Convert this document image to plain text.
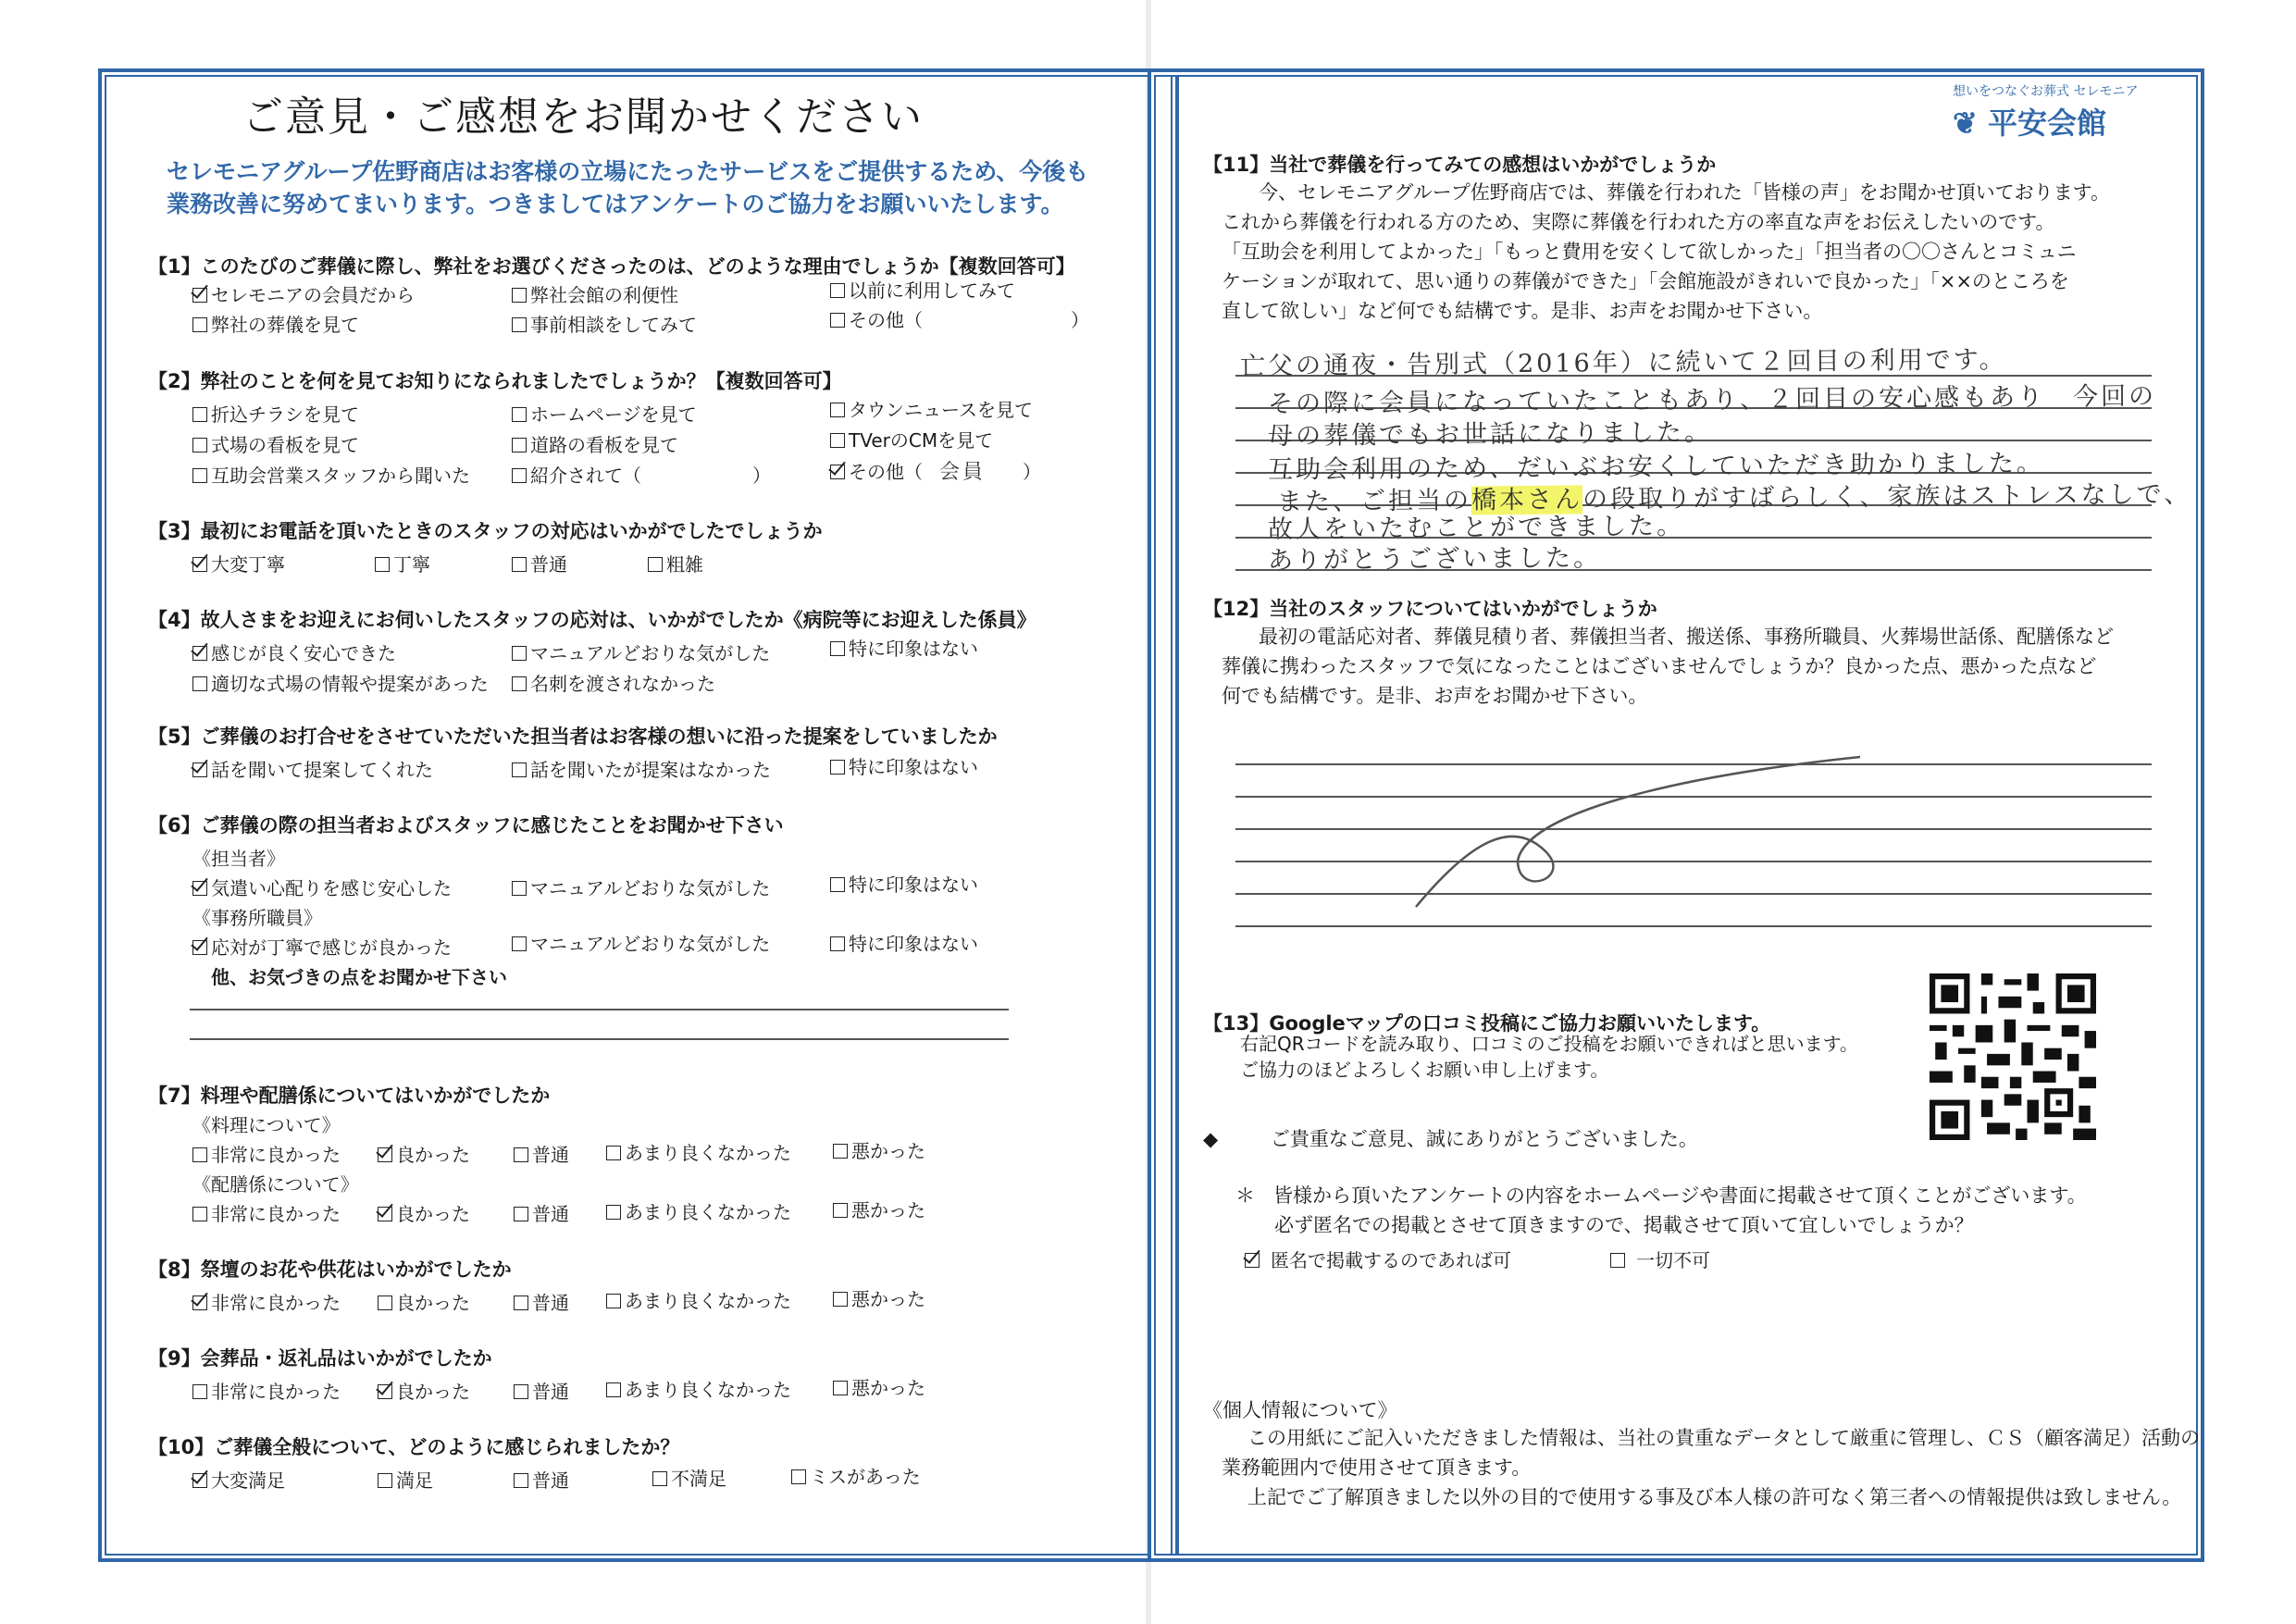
ご意見・ご感想をお聞かせください
セレモニアグループ佐野商店はお客様の立場にたったサービスをご提供するため、今後も
業務改善に努めてまいります。つきましてはアンケートのご協力をお願いいたします。
【1】このたびのご葬儀に際し、弊社をお選びくださったのは、どのような理由でしょうか【複数回答可】
セレモニアの会員だから	弊社会館の利便性	以前に利用してみて
弊社の葬儀を見て	事前相談をしてみて	その他（　　　　　　　　）
【2】弊社のことを何を見てお知りになられましたでしょうか？【複数回答可】
折込チラシを見て	ホームページを見て	タウンニュースを見て
式場の看板を見て	道路の看板を見て	TVerのCMを見て
互助会営業スタッフから聞いた	紹介されて（　　　　　　）	その他（ 会員 ）
【3】最初にお電話を頂いたときのスタッフの対応はいかがでしたでしょうか
大変丁寧	丁寧	普通	粗雑
【4】故人さまをお迎えにお伺いしたスタッフの応対は、いかがでしたか《病院等にお迎えした係員》
感じが良く安心できた	マニュアルどおりな気がした	特に印象はない
適切な式場の情報や提案があった	名刺を渡されなかった
【5】ご葬儀のお打合せをさせていただいた担当者はお客様の想いに沿った提案をしていましたか
話を聞いて提案してくれた	話を聞いたが提案はなかった	特に印象はない
【6】ご葬儀の際の担当者およびスタッフに感じたことをお聞かせ下さい
《担当者》
気遣い心配りを感じ安心した	マニュアルどおりな気がした	特に印象はない
《事務所職員》
応対が丁寧で感じが良かった	マニュアルどおりな気がした	特に印象はない
他、お気づきの点をお聞かせ下さい
【7】料理や配膳係についてはいかがでしたか
《料理について》
非常に良かった	良かった	普通	あまり良くなかった	悪かった
《配膳係について》
非常に良かった	良かった	普通	あまり良くなかった	悪かった
【8】祭壇のお花や供花はいかがでしたか
非常に良かった	良かった	普通	あまり良くなかった	悪かった
【9】会葬品・返礼品はいかがでしたか
非常に良かった	良かった	普通	あまり良くなかった	悪かった
【10】ご葬儀全般について、どのように感じられましたか？
大変満足	満足	普通	不満足	ミスがあった
想いをつなぐお葬式 セレモニア
❦ 平安会館
【11】当社で葬儀を行ってみての感想はいかがでしょうか
今、セレモニアグループ佐野商店では、葬儀を行われた「皆様の声」をお聞かせ頂いております。
これから葬儀を行われる方のため、実際に葬儀を行われた方の率直な声をお伝えしたいのです。
「互助会を利用してよかった」「もっと費用を安くして欲しかった」「担当者の〇〇さんとコミュニ
ケーションが取れて、思い通りの葬儀ができた」「会館施設がきれいで良かった」「××のところを
直して欲しい」など何でも結構です。是非、お声をお聞かせ下さい。
亡父の通夜・告別式（2016年）に続いて２回目の利用です。
その際に会員になっていたこともあり、２回目の安心感もあり　今回の
母の葬儀でもお世話になりました。
互助会利用のため、だいぶお安くしていただき助かりました。
また、ご担当の橋本さんの段取りがすばらしく、家族はストレスなしで、
故人をいたむことができました。
ありがとうございました。
【12】当社のスタッフについてはいかがでしょうか
最初の電話応対者、葬儀見積り者、葬儀担当者、搬送係、事務所職員、火葬場世話係、配膳係など
葬儀に携わったスタッフで気になったことはございませんでしょうか？良かった点、悪かった点など
何でも結構です。是非、お声をお聞かせ下さい。
【13】Googleマップの口コミ投稿にご協力お願いいたします。
右記QRコードを読み取り、口コミのご投稿をお願いできればと思います。
ご協力のほどよろしくお願い申し上げます。
◆	ご貴重なご意見、誠にありがとうございました。
＊ 皆様から頂いたアンケートの内容をホームページや書面に掲載させて頂くことがございます。
必ず匿名での掲載とさせて頂きますので、掲載させて頂いて宜しいでしょうか？
匿名で掲載するのであれば可	一切不可
《個人情報について》
この用紙にご記入いただきました情報は、当社の貴重なデータとして厳重に管理し、ＣＳ（顧客満足）活動の
業務範囲内で使用させて頂きます。
上記でご了解頂きました以外の目的で使用する事及び本人様の許可なく第三者への情報提供は致しません。
